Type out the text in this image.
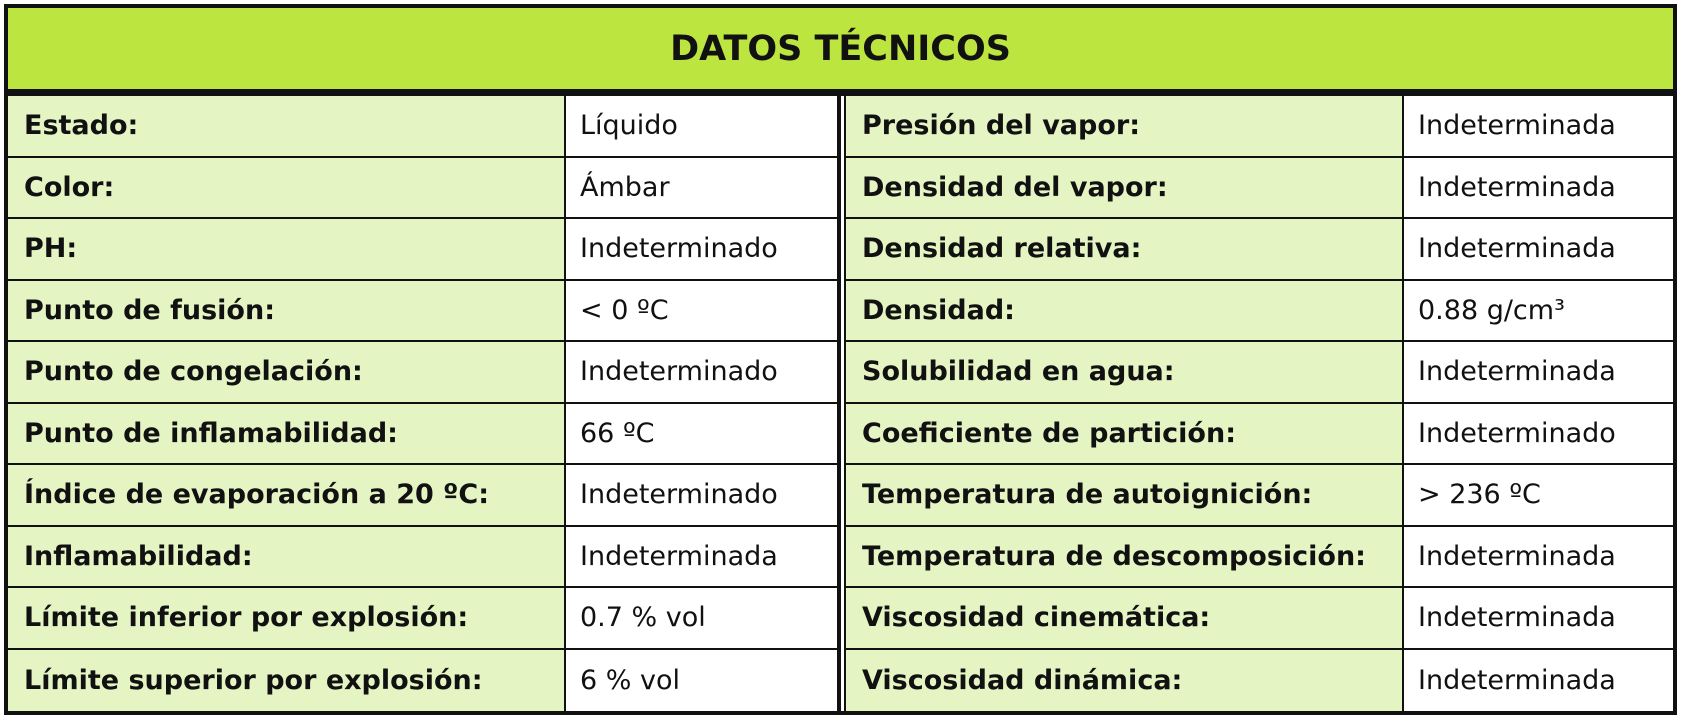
DATOS TÉCNICOS
Estado:	Líquido	Presión del vapor:	Indeterminada
Color:	Ámbar	Densidad del vapor:	Indeterminada
PH:	Indeterminado	Densidad relativa:	Indeterminada
Punto de fusión:	< 0 ºC	Densidad:	0.88 g/cm³
Punto de congelación:	Indeterminado	Solubilidad en agua:	Indeterminada
Punto de inflamabilidad:	66 ºC	Coeficiente de partición:	Indeterminado
Índice de evaporación a 20 ºC:	Indeterminado	Temperatura de autoignición:	> 236 ºC
Inflamabilidad:	Indeterminada	Temperatura de descomposición:	Indeterminada
Límite inferior por explosión:	0.7 % vol	Viscosidad cinemática:	Indeterminada
Límite superior por explosión:	6 % vol	Viscosidad dinámica:	Indeterminada
